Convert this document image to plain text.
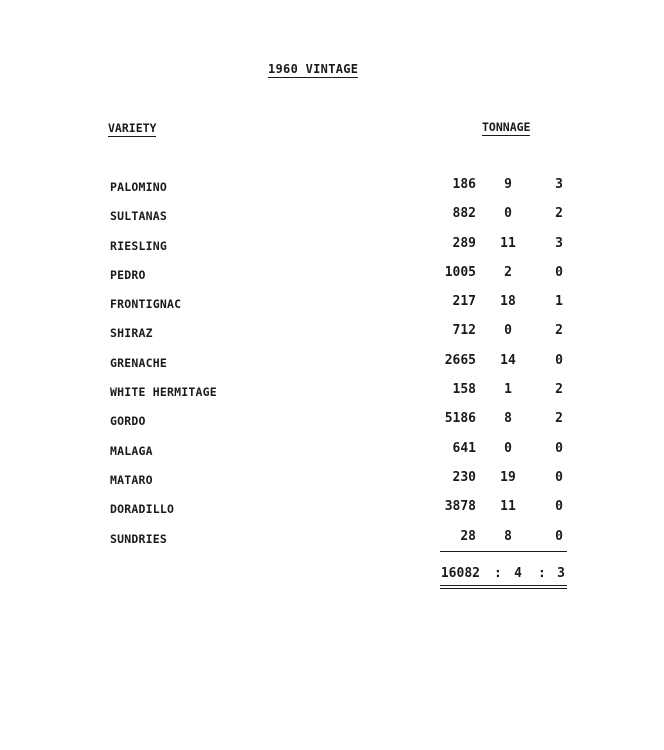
1960 VINTAGE
VARIETY	TONNAGE
PALOMINO	186	9	3
SULTANAS	882	0	2
RIESLING	289	11	3
PEDRO	1005	2	0
FRONTIGNAC	217	18	1
SHIRAZ	712	0	2
GRENACHE	2665	14	0
WHITE HERMITAGE	158	1	2
GORDO	5186	8	2
MALAGA	641	0	0
MATARO	230	19	0
DORADILLO	3878	11	0
SUNDRIES	28	8	0
16082 : 4 : 3
